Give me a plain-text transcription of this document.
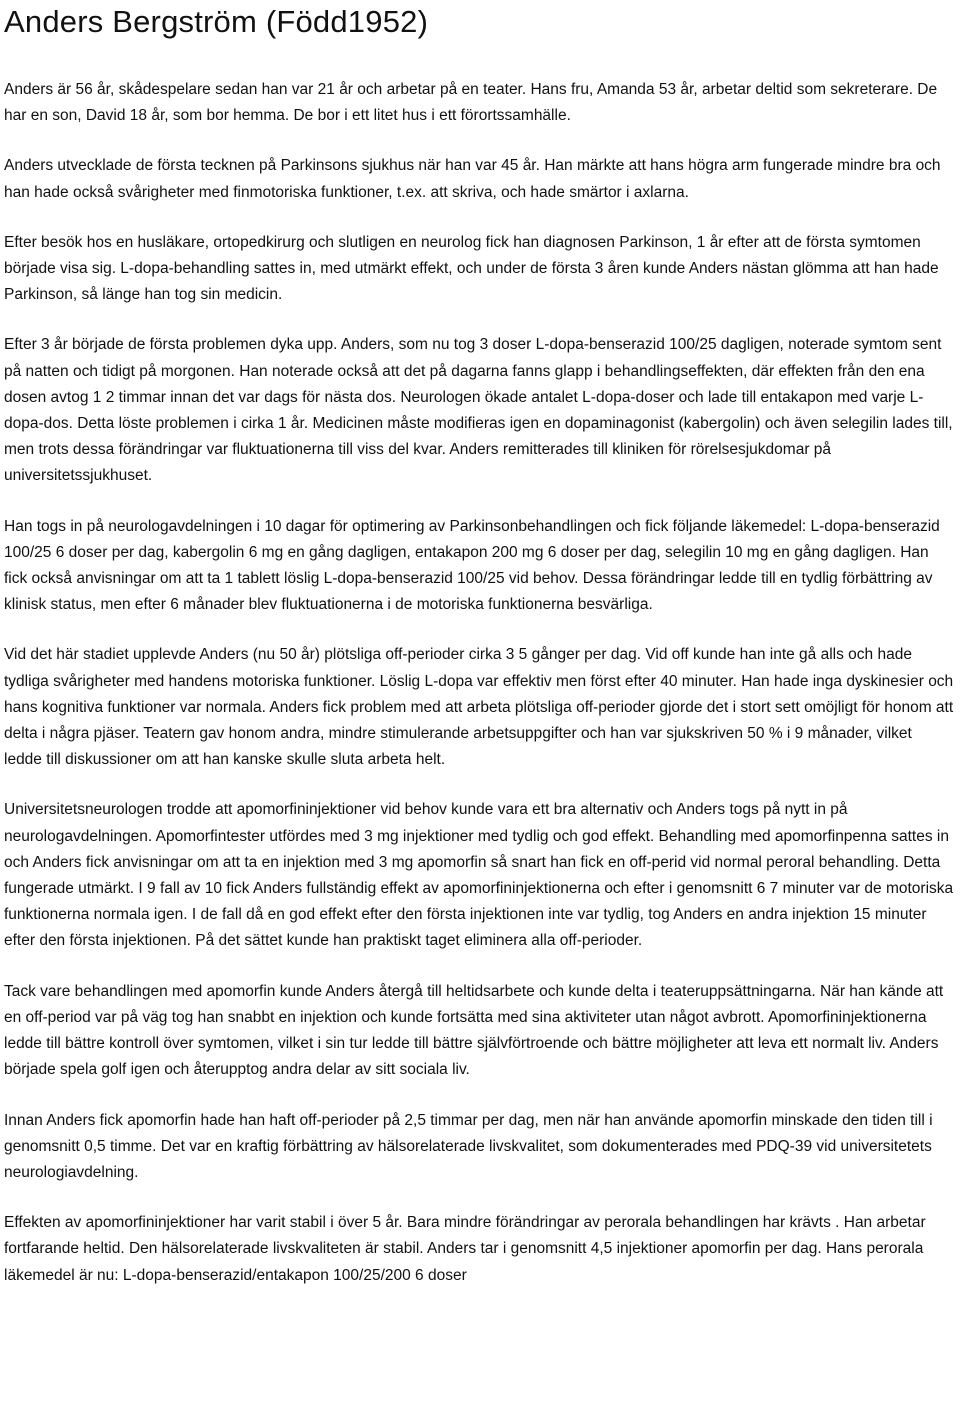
Anders Bergström (Född1952)

Anders är 56 år, skådespelare sedan han var 21 år och arbetar på en teater. Hans fru, Amanda 53 år, arbetar deltid som sekreterare. De har en son, David 18 år, som bor hemma. De bor i ett litet hus i ett förortssamhälle.

Anders utvecklade de första tecknen på Parkinsons sjukhus när han var 45 år. Han märkte att hans högra arm fungerade mindre bra och han hade också svårigheter med finmotoriska funktioner, t.ex. att skriva, och hade smärtor i axlarna.

Efter besök hos en husläkare, ortopedkirurg och slutligen en neurolog fick han diagnosen Parkinson, 1 år efter att de första symtomen började visa sig. L-dopa-behandling sattes in, med utmärkt effekt, och under de första 3 åren kunde Anders nästan glömma att han hade Parkinson, så länge han tog sin medicin.

Efter 3 år började de första problemen dyka upp. Anders, som nu tog 3 doser L-dopa-benserazid 100/25 dagligen, noterade symtom sent på natten och tidigt på morgonen. Han noterade också att det på dagarna fanns glapp i behandlingseffekten, där effekten från den ena dosen avtog 1 2 timmar innan det var dags för nästa dos. Neurologen ökade antalet L-dopa-doser och lade till entakapon med varje L-dopa-dos. Detta löste problemen i cirka 1 år. Medicinen måste modifieras igen en dopaminagonist (kabergolin) och även selegilin lades till, men trots dessa förändringar var fluktuationerna till viss del kvar. Anders remitterades till kliniken för rörelsesjukdomar på universitetssjukhuset.

Han togs in på neurologavdelningen i 10 dagar för optimering av Parkinsonbehandlingen och fick följande läkemedel: L-dopa-benserazid 100/25 6 doser per dag, kabergolin 6 mg en gång dagligen, entakapon 200 mg 6 doser per dag, selegilin 10 mg en gång dagligen. Han fick också anvisningar om att ta 1 tablett löslig L-dopa-benserazid 100/25 vid behov. Dessa förändringar ledde till en tydlig förbättring av klinisk status, men efter 6 månader blev fluktuationerna i de motoriska funktionerna besvärliga.

Vid det här stadiet upplevde Anders (nu 50 år) plötsliga off-perioder cirka 3 5 gånger per dag. Vid off kunde han inte gå alls och hade tydliga svårigheter med handens motoriska funktioner. Löslig L-dopa var effektiv men först efter 40 minuter. Han hade inga dyskinesier och hans kognitiva funktioner var normala. Anders fick problem med att arbeta plötsliga off-perioder gjorde det i stort sett omöjligt för honom att delta i några pjäser. Teatern gav honom andra, mindre stimulerande arbetsuppgifter och han var sjukskriven 50 % i 9 månader, vilket ledde till diskussioner om att han kanske skulle sluta arbeta helt.

Universitetsneurologen trodde att apomorfininjektioner vid behov kunde vara ett bra alternativ och Anders togs på nytt in på neurologavdelningen. Apomorfintester utfördes med 3 mg injektioner med tydlig och god effekt. Behandling med apomorfinpenna sattes in och Anders fick anvisningar om att ta en injektion med 3 mg apomorfin så snart han fick en off-perid vid normal peroral behandling. Detta fungerade utmärkt. I 9 fall av 10 fick Anders fullständig effekt av apomorfininjektionerna och efter i genomsnitt 6 7 minuter var de motoriska funktionerna normala igen. I de fall då en god effekt efter den första injektionen inte var tydlig, tog Anders en andra injektion 15 minuter efter den första injektionen. På det sättet kunde han praktiskt taget eliminera alla off-perioder.

Tack vare behandlingen med apomorfin kunde Anders återgå till heltidsarbete och kunde delta i teateruppsättningarna. När han kände att en off-period var på väg tog han snabbt en injektion och kunde fortsätta med sina aktiviteter utan något avbrott. Apomorfininjektionerna ledde till bättre kontroll över symtomen, vilket i sin tur ledde till bättre självförtroende och bättre möjligheter att leva ett normalt liv. Anders började spela golf igen och återupptog andra delar av sitt sociala liv.

Innan Anders fick apomorfin hade han haft off-perioder på 2,5 timmar per dag, men när han använde apomorfin minskade den tiden till i genomsnitt 0,5 timme. Det var en kraftig förbättring av hälsorelaterade livskvalitet, som dokumenterades med PDQ-39 vid universitetets neurologiavdelning.

Effekten av apomorfininjektioner har varit stabil i över 5 år. Bara mindre förändringar av perorala behandlingen har krävts . Han arbetar fortfarande heltid. Den hälsorelaterade livskvaliteten är stabil. Anders tar i genomsnitt 4,5 injektioner apomorfin per dag. Hans perorala läkemedel är nu: L-dopa-benserazid/entakapon 100/25/200 6 doser
